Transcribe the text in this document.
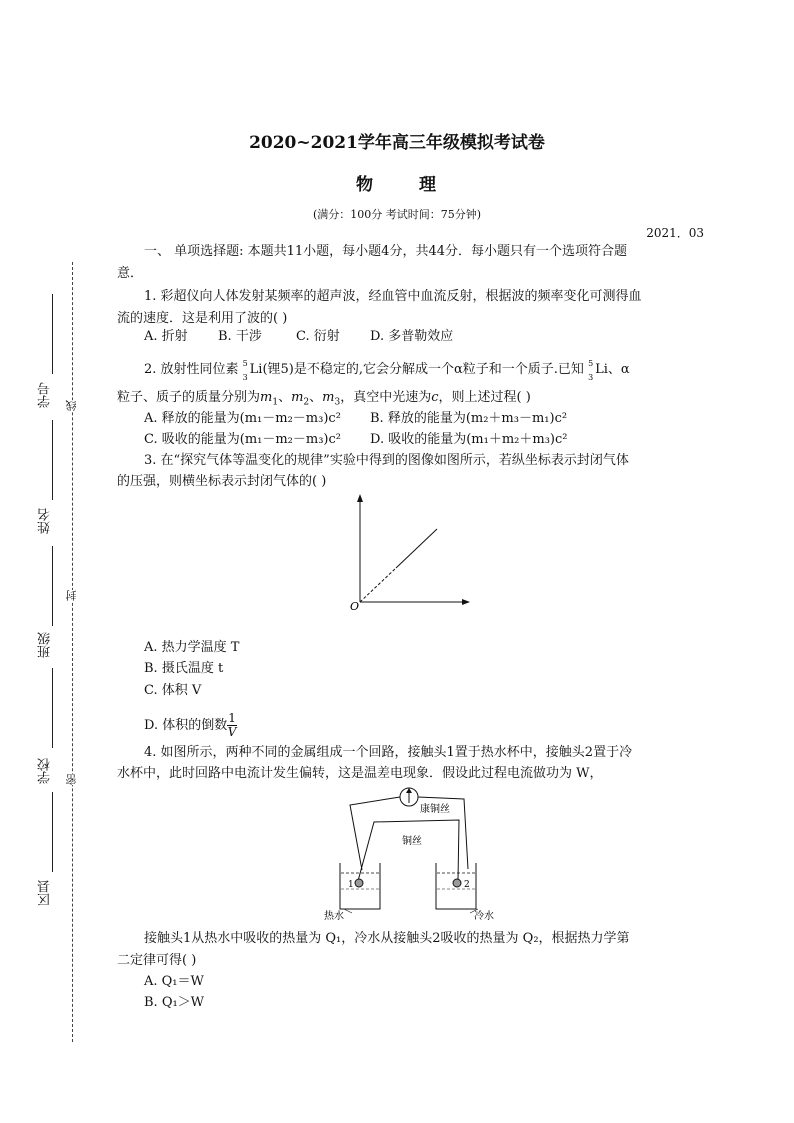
学号
姓名
班级
学校
区县
线
封
密
2020~2021学年高三年级模拟考试卷
物	理
(满分：100分 考试时间：75分钟)
2021．03
一、 单项选择题: 本题共11小题，每小题4分，共44分．每小题只有一个选项符合题
意．
1. 彩超仪向人体发射某频率的超声波，经血管中血流反射，根据波的频率变化可测得血
流的速度．这是利用了波的( )
A. 折射 B. 干涉	C. 衍射 D. 多普勒效应
2. 放射性同位素 5
3
Li(锂5)是不稳定的,它会分解成一个α粒子和一个质子.已知 5
3
Li、α
粒子、质子的质量分别为$m_1$、$m_2$、$m_3$，真空中光速为c，则上述过程( )
A. 释放的能量为(m₁－m₂－m₃)c² B. 释放的能量为(m₂＋m₃－m₁)c²
C. 吸收的能量为(m₁－m₂－m₃)c² D. 吸收的能量为(m₁＋m₂＋m₃)c²
3. 在“探究气体等温变化的规律”实验中得到的图像如图所示，若纵坐标表示封闭气体
的压强，则横坐标表示封闭气体的( )
O
A. 热力学温度 T
B. 摄氏温度 t
C. 体积 V
D. 体积的倒数 $\frac{1}{V}$
4. 如图所示，两种不同的金属组成一个回路，接触头1置于热水杯中，接触头2置于冷
水杯中，此时回路中电流计发生偏转，这是温差电现象．假设此过程电流做功为 W，
1	2
康铜丝
铜丝
热水	冷水
接触头1从热水中吸收的热量为 Q₁，冷水从接触头2吸收的热量为 Q₂，根据热力学第
二定律可得( )
A. Q₁＝W
B. Q₁＞W
